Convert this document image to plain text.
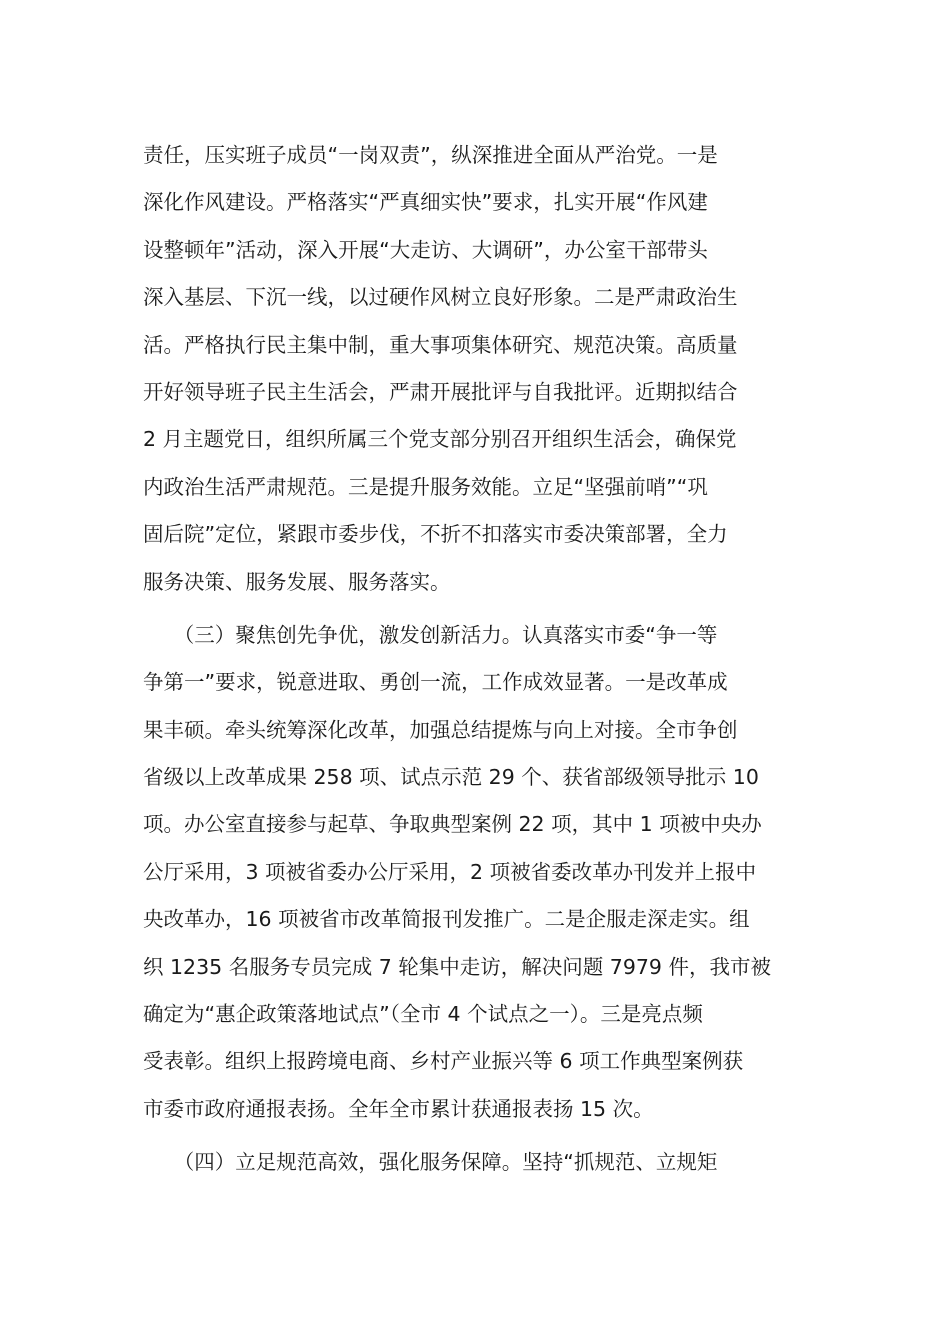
责任，压实班子成员“一岗双责”，纵深推进全面从严治党。一是
深化作风建设。严格落实“严真细实快”要求，扎实开展“作风建
设整顿年”活动，深入开展“大走访、大调研”，办公室干部带头
深入基层、下沉一线，以过硬作风树立良好形象。二是严肃政治生
活。严格执行民主集中制，重大事项集体研究、规范决策。高质量
开好领导班子民主生活会，严肃开展批评与自我批评。近期拟结合
2 月主题党日，组织所属三个党支部分别召开组织生活会，确保党
内政治生活严肃规范。三是提升服务效能。立足“坚强前哨”“巩
固后院”定位，紧跟市委步伐，不折不扣落实市委决策部署，全力
服务决策、服务发展、服务落实。
　　（三）聚焦创先争优，激发创新活力。认真落实市委“争一等
争第一”要求，锐意进取、勇创一流，工作成效显著。一是改革成
果丰硕。牵头统筹深化改革，加强总结提炼与向上对接。全市争创
省级以上改革成果 258 项、试点示范 29 个、获省部级领导批示 10
项。办公室直接参与起草、争取典型案例 22 项，其中 1 项被中央办
公厅采用，3 项被省委办公厅采用，2 项被省委改革办刊发并上报中
央改革办，16 项被省市改革简报刊发推广。二是企服走深走实。组
织 1235 名服务专员完成 7 轮集中走访，解决问题 7979 件，我市被
确定为“惠企政策落地试点”（全市 4 个试点之一）。三是亮点频
受表彰。组织上报跨境电商、乡村产业振兴等 6 项工作典型案例获
市委市政府通报表扬。全年全市累计获通报表扬 15 次。
　　（四）立足规范高效，强化服务保障。坚持“抓规范、立规矩
